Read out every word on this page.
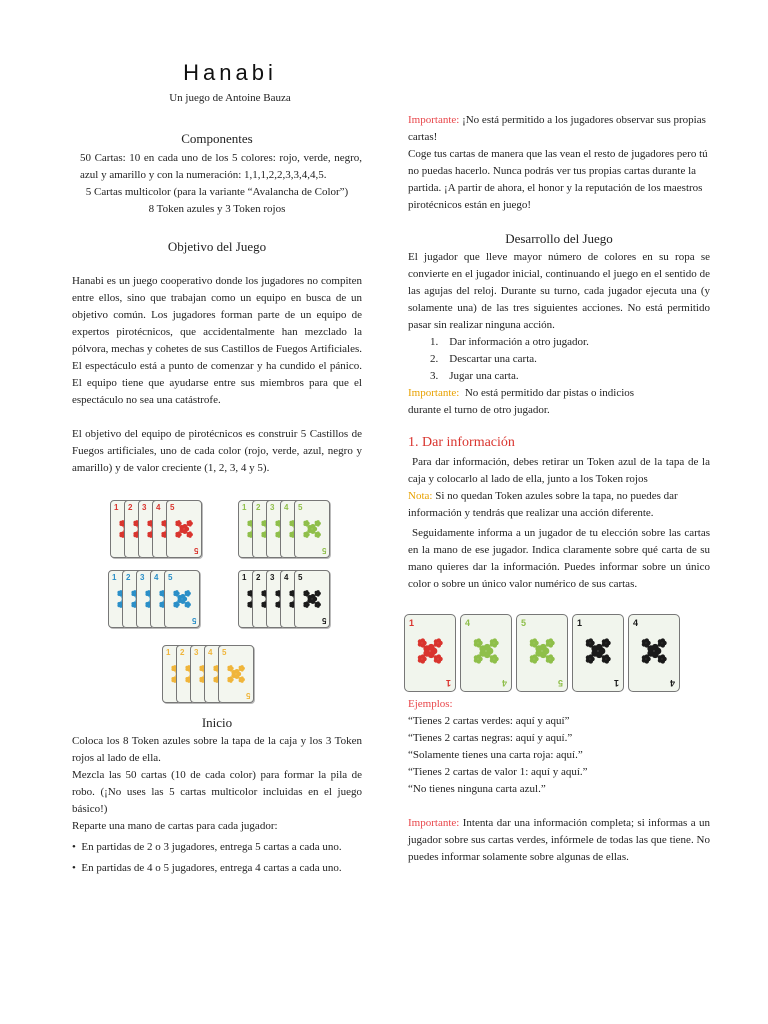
Hanabi
Un juego de Antoine Bauza
Componentes
50 Cartas: 10 en cada uno de los 5 colores: rojo, verde, negro, azul y amarillo y con la numeración: 1,1,1,2,2,3,3,4,4,5.
5 Cartas multicolor (para la variante “Avalancha de Color”)
8 Token azules y 3 Token rojos
Objetivo del Juego
Hanabi es un juego cooperativo donde los jugadores no compiten entre ellos, sino que trabajan como un equipo en busca de un objetivo común. Los jugadores forman parte de un equipo de expertos pirotécnicos, que accidentalmente han mezclado la pólvora, mechas y cohetes de sus Castillos de Fuegos Artificiales. El espectáculo está a punto de comenzar y ha cundido el pánico. El equipo tiene que ayudarse entre sus miembros para que el espectáculo no sea una catástrofe.
El objetivo del equipo de pirotécnicos es construir 5 Castillos de Fuegos artificiales, uno de cada color (rojo, verde, azul, negro y amarillo) y de valor creciente (1, 2, 3, 4 y 5).
1 2 3 4 5
5
1 2 3 4 5
5
1 2 3 4 5
5
1 2 3 4 5
5
1 2 3 4 5
5
Inicio
Coloca los 8 Token azules sobre la tapa de la caja y los 3 Token rojos al lado de ella.
Mezcla las 50 cartas (10 de cada color) para formar la pila de robo. (¡No uses las 5 cartas multicolor incluidas en el juego básico!)
Reparte una mano de cartas para cada jugador:
•  En partidas de 2 o 3 jugadores, entrega 5 cartas a cada uno.
•  En partidas de 4 o 5 jugadores, entrega 4 cartas a cada uno.
Importante: ¡No está permitido a los jugadores observar sus propias cartas!
Coge tus cartas de manera que las vean el resto de jugadores pero tú no puedas hacerlo. Nunca podrás ver tus propias cartas durante la partida. ¡A partir de ahora, el honor y la reputación de los maestros pirotécnicos están en juego!
Desarrollo del Juego
El jugador que lleve mayor número de colores en su ropa se convierte en el jugador inicial, continuando el juego en el sentido de las agujas del reloj. Durante su turno, cada jugador ejecuta una (y solamente una) de las tres siguientes acciones. No está permitido pasar sin realizar ninguna acción.
1.    Dar información a otro jugador.
2.    Descartar una carta.
3.    Jugar una carta.
Importante: No está permitido dar pistas o indicios durante el turno de otro jugador.
1. Dar información
Para dar información, debes retirar un Token azul de la tapa de la caja y colocarlo al lado de ella, junto a los Token rojos
Nota: Si no quedan Token azules sobre la tapa, no puedes dar información y tendrás que realizar una acción diferente.
Seguidamente informa a un jugador de tu elección sobre las cartas en la mano de ese jugador. Indica claramente sobre qué carta de su mano quieres dar la información. Puedes informar sobre un único color o sobre un único valor numérico de sus cartas.
1
1
4
4
5
5
1
1
4
4
Ejemplos:
“Tienes 2 cartas verdes: aquí y aquí”
“Tienes 2 cartas negras: aquí y aquí.”
“Solamente tienes una carta roja: aquí.”
“Tienes 2 cartas de valor 1: aquí y aquí.”
“No tienes ninguna carta azul.”
Importante: Intenta dar una información completa; si informas a un jugador sobre sus cartas verdes, infórmele de todas las que tiene. No puedes informar solamente sobre algunas de ellas.
